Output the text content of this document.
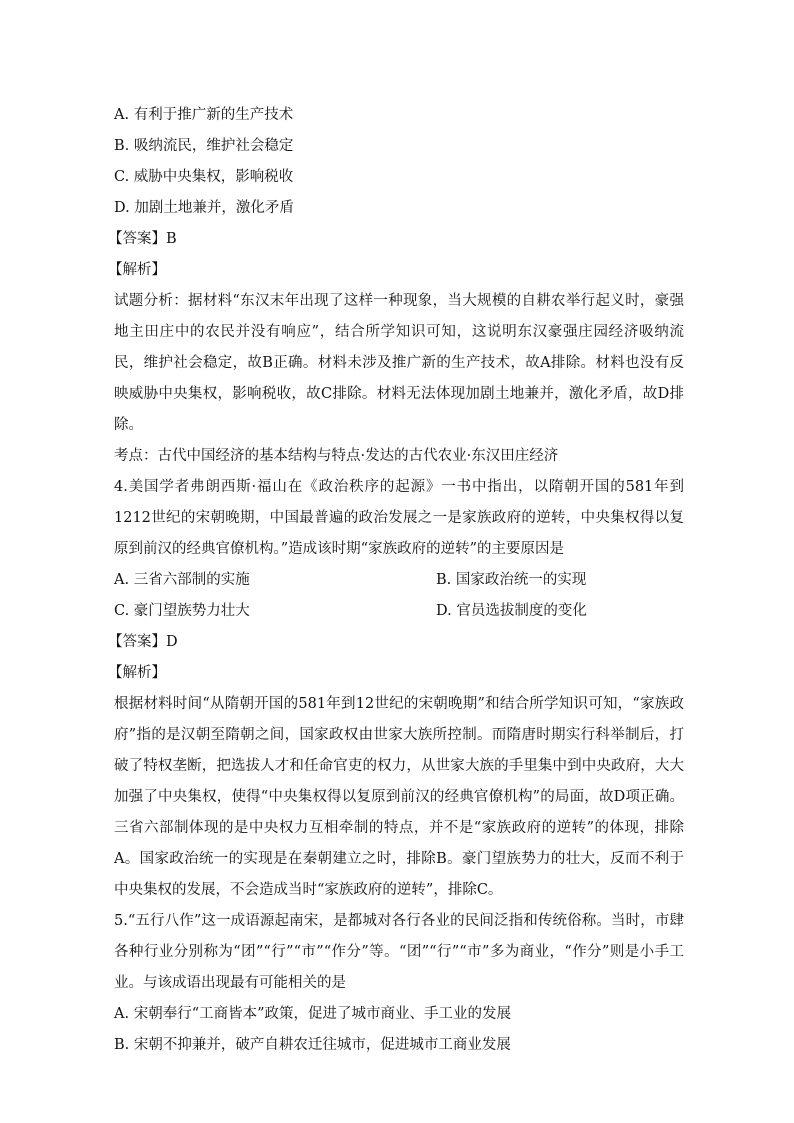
A. 有利于推广新的生产技术
B. 吸纳流民，维护社会稳定
C. 威胁中央集权，影响税收
D. 加剧土地兼并，激化矛盾
【答案】B
【解析】

试题分析：据材料“东汉末年出现了这样一种现象，当大规模的自耕农举行起义时，豪强地主田庄中的农民并没有响应”，结合所学知识可知，这说明东汉豪强庄园经济吸纳流民，维护社会稳定，故B正确。材料未涉及推广新的生产技术，故A排除。材料也没有反映威胁中央集权，影响税收，故C排除。材料无法体现加剧土地兼并，激化矛盾，故D排除。

考点：古代中国经济的基本结构与特点·发达的古代农业·东汉田庄经济

4.美国学者弗朗西斯·福山在《政治秩序的起源》一书中指出，以隋朝开国的581年到1212世纪的宋朝晚期，中国最普遍的政治发展之一是家族政府的逆转，中央集权得以复原到前汉的经典官僚机构。”造成该时期“家族政府的逆转”的主要原因是

A. 三省六部制的实施	B. 国家政治统一的实现
C. 豪门望族势力壮大	D. 官员选拔制度的变化
【答案】D
【解析】

根据材料时间“从隋朝开国的581年到12世纪的宋朝晚期”和结合所学知识可知，“家族政府”指的是汉朝至隋朝之间，国家政权由世家大族所控制。而隋唐时期实行科举制后，打破了特权垄断，把选拔人才和任命官吏的权力，从世家大族的手里集中到中央政府，大大加强了中央集权，使得“中央集权得以复原到前汉的经典官僚机构”的局面，故D项正确。三省六部制体现的是中央权力互相牵制的特点，并不是“家族政府的逆转”的体现，排除A。国家政治统一的实现是在秦朝建立之时，排除B。豪门望族势力的壮大，反而不利于中央集权的发展，不会造成当时“家族政府的逆转”，排除C。

5.“五行八作”这一成语源起南宋，是都城对各行各业的民间泛指和传统俗称。当时，市肆各种行业分别称为“团”“行”“市”“作分”等。“团”“行”“市”多为商业，“作分”则是小手工业。与该成语出现最有可能相关的是

A. 宋朝奉行“工商皆本”政策，促进了城市商业、手工业的发展
B. 宋朝不抑兼并，破产自耕农迁往城市，促进城市工商业发展
